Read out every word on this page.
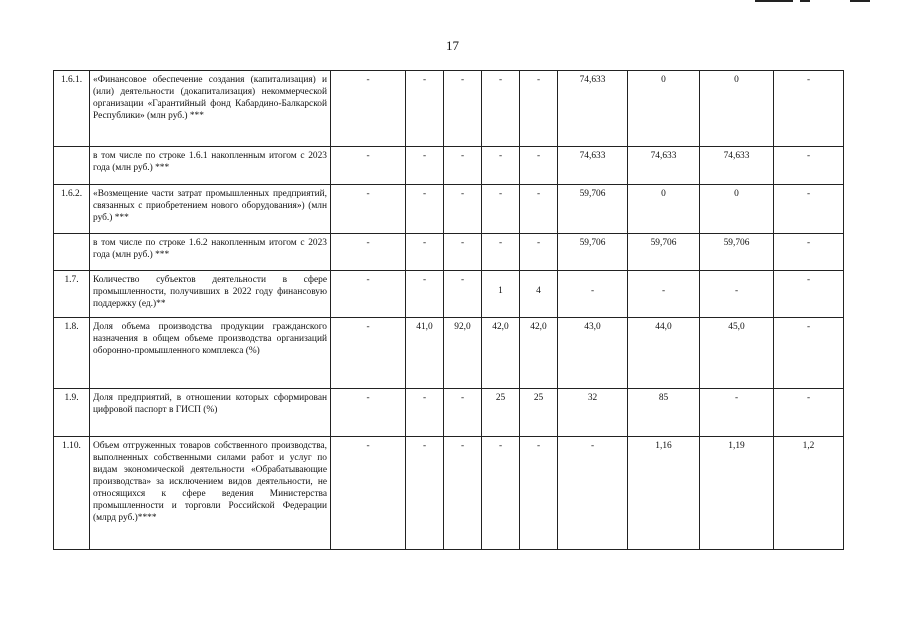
17
1.6.1.	«Финансовое обеспечение создания (капитализация) и (или) деятельности (докапитализация) некоммерческой организации «Гарантийный фонд Кабардино-Балкарской Республики» (млн руб.) ***	-	-	-	-	-	74,633	0	0	-
	в том числе по строке 1.6.1 накопленным итогом с 2023 года (млн руб.) ***	-	-	-	-	-	74,633	74,633	74,633	-
1.6.2.	«Возмещение части затрат промышленных предприятий, связанных с приобретением нового оборудования») (млн руб.) ***	-	-	-	-	-	59,706	0	0	-
	в том числе по строке 1.6.2 накопленным итогом с 2023 года (млн руб.) ***	-	-	-	-	-	59,706	59,706	59,706	-
1.7.	Количество субъектов деятельности в сфере промышленности, получивших в 2022 году финансовую поддержку (ед.)**	-	-	-	1	4	-	-	-	-
1.8.	Доля объема производства продукции гражданского назначения в общем объеме производства организаций оборонно-промышленного комплекса (%)	-	41,0	92,0	42,0	42,0	43,0	44,0	45,0	-
1.9.	Доля предприятий, в отношении которых сформирован цифровой паспорт в ГИСП (%)	-	-	-	25	25	32	85	-	-
1.10.	Объем отгруженных товаров собственного производства, выполненных собственными силами работ и услуг по видам экономической деятельности «Обрабатывающие производства» за исключением видов деятельности, не относящихся к сфере ведения Министерства промышленности и торговли Российской Федерации (млрд руб.)****	-	-	-	-	-	-	1,16	1,19	1,2
